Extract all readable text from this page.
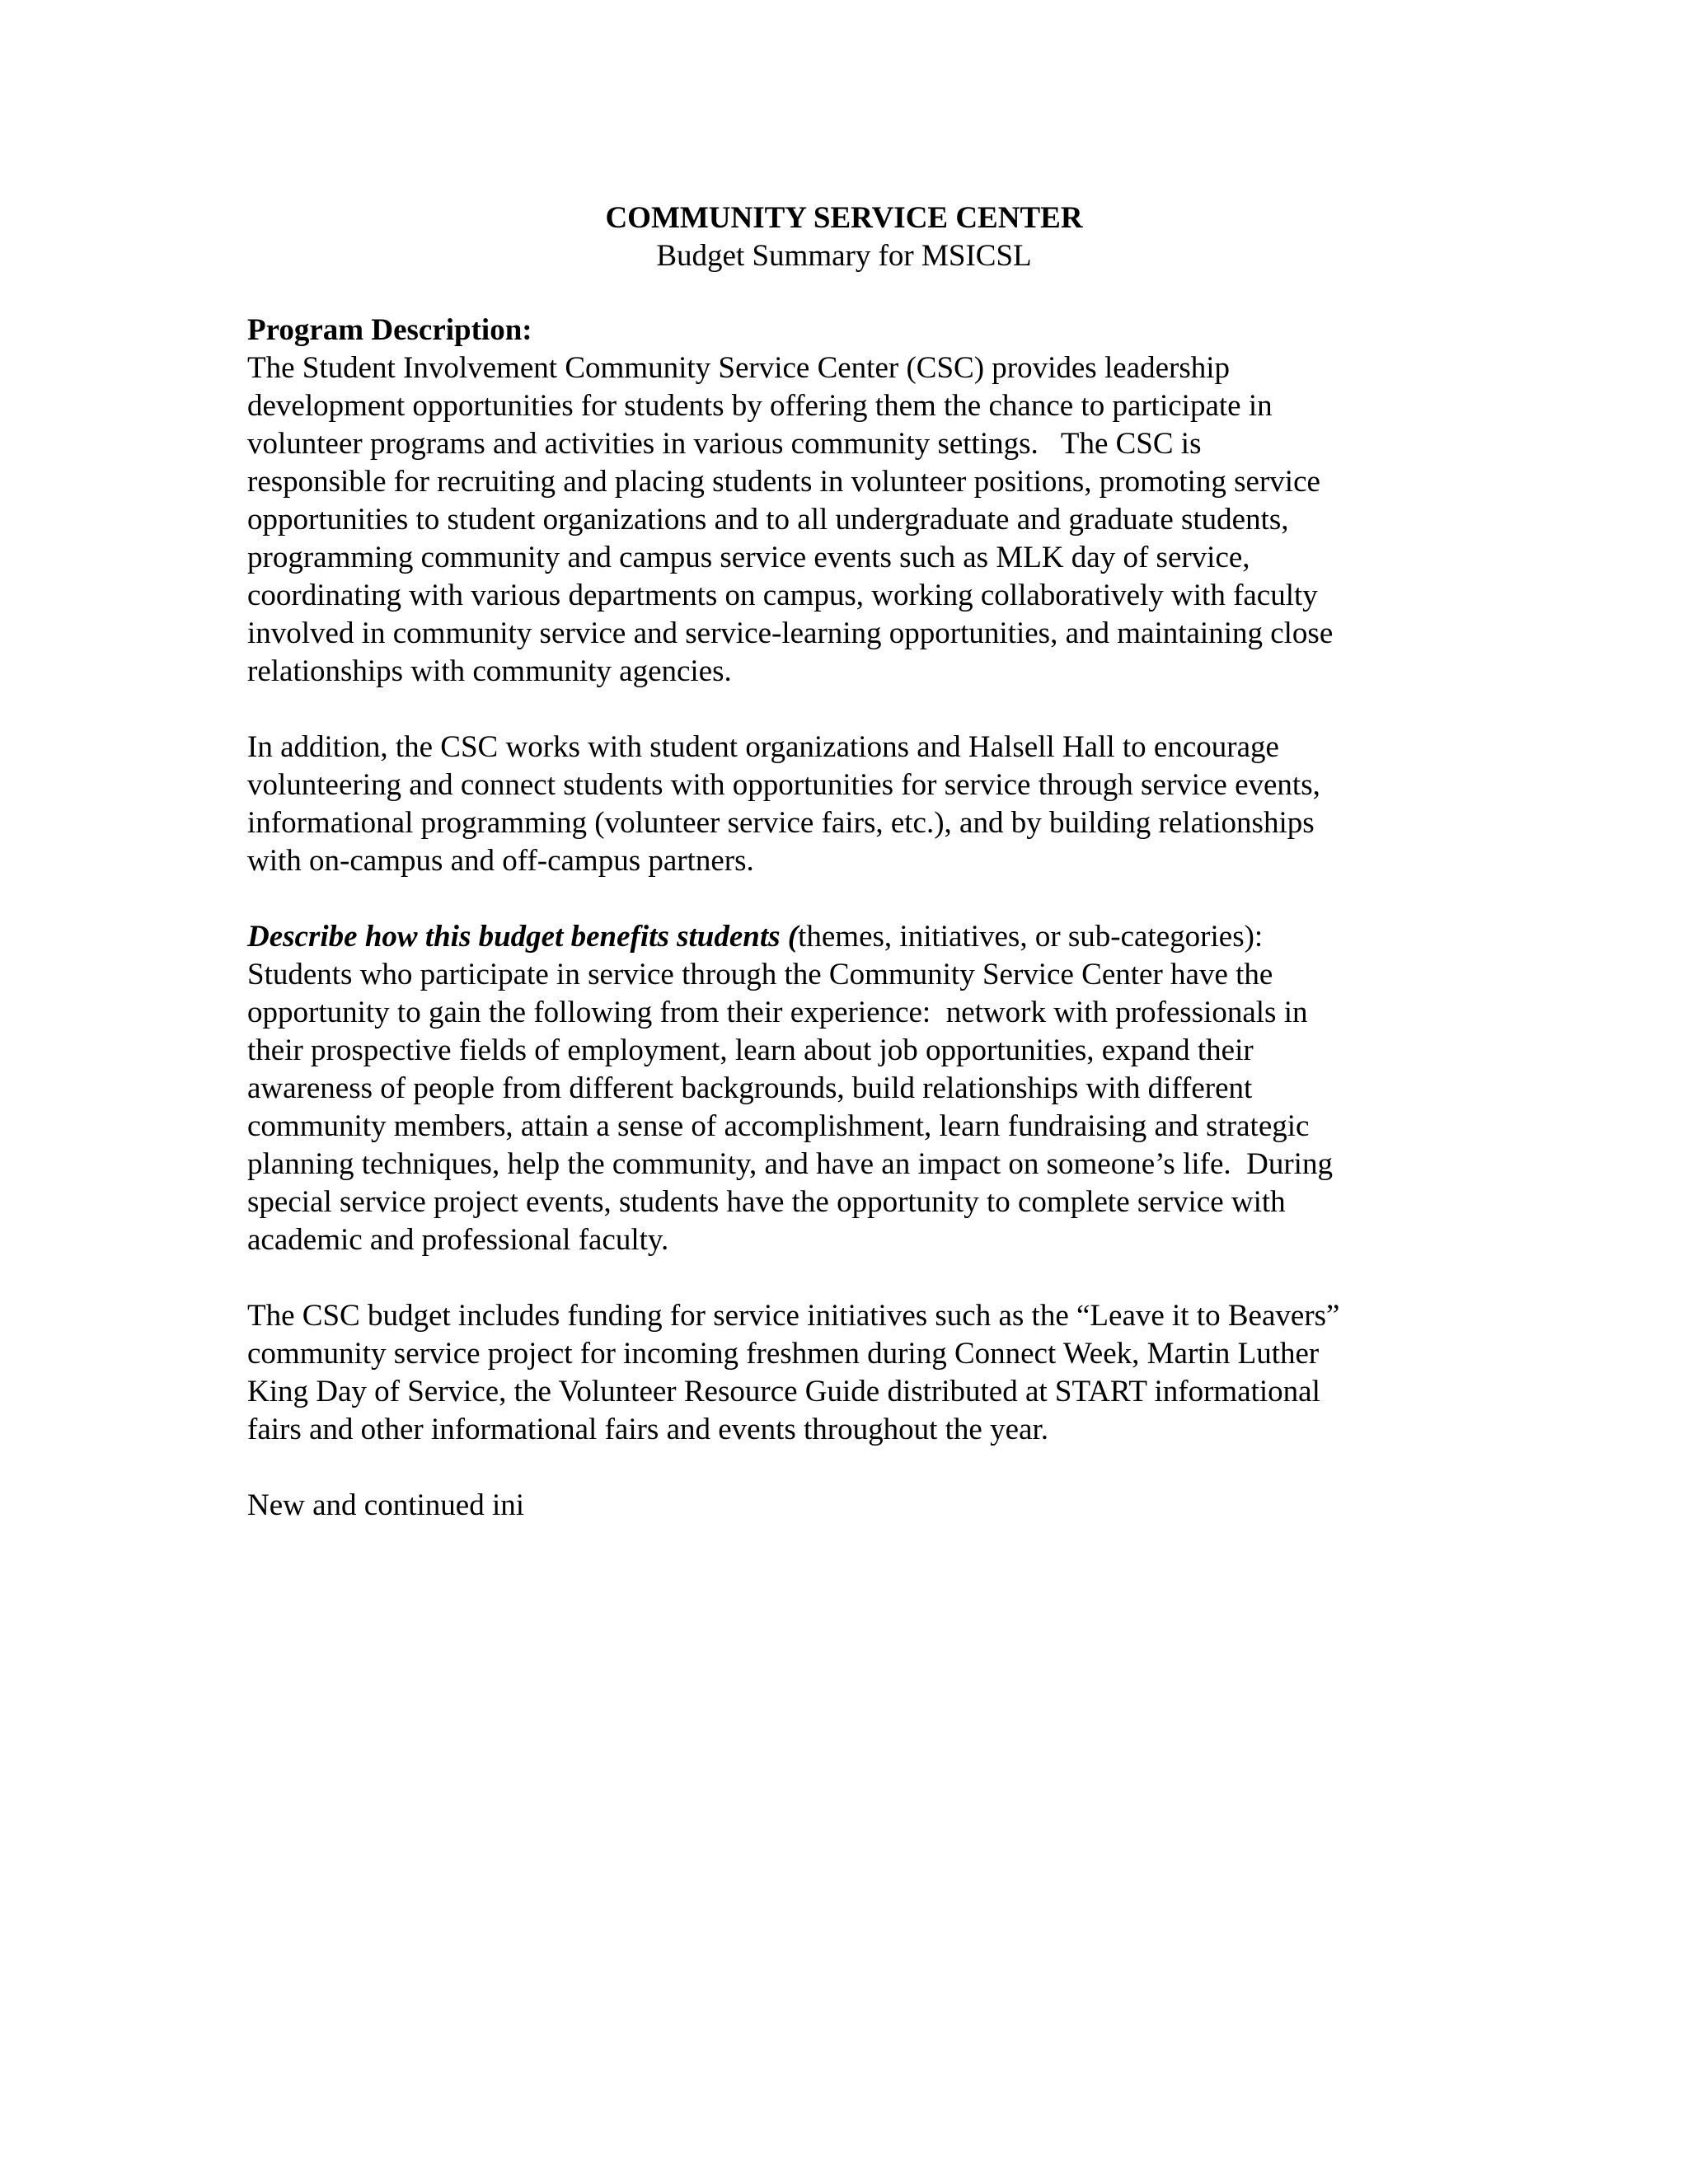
COMMUNITY SERVICE CENTER
Budget Summary for MSICSL
Program Description:
The Student Involvement Community Service Center (CSC) provides leadership
development opportunities for students by offering them the chance to participate in
volunteer programs and activities in various community settings.   The CSC is
responsible for recruiting and placing students in volunteer positions, promoting service
opportunities to student organizations and to all undergraduate and graduate students,
programming community and campus service events such as MLK day of service,
coordinating with various departments on campus, working collaboratively with faculty
involved in community service and service-learning opportunities, and maintaining close
relationships with community agencies.
In addition, the CSC works with student organizations and Halsell Hall to encourage
volunteering and connect students with opportunities for service through service events,
informational programming (volunteer service fairs, etc.), and by building relationships
with on-campus and off-campus partners.
Describe how this budget benefits students (themes, initiatives, or sub-categories):
Students who participate in service through the Community Service Center have the
opportunity to gain the following from their experience:  network with professionals in
their prospective fields of employment, learn about job opportunities, expand their
awareness of people from different backgrounds, build relationships with different
community members, attain a sense of accomplishment, learn fundraising and strategic
planning techniques, help the community, and have an impact on someone’s life.  During
special service project events, students have the opportunity to complete service with
academic and professional faculty.
The CSC budget includes funding for service initiatives such as the “Leave it to Beavers”
community service project for incoming freshmen during Connect Week, Martin Luther
King Day of Service, the Volunteer Resource Guide distributed at START informational
fairs and other informational fairs and events throughout the year.
New and continued ini
